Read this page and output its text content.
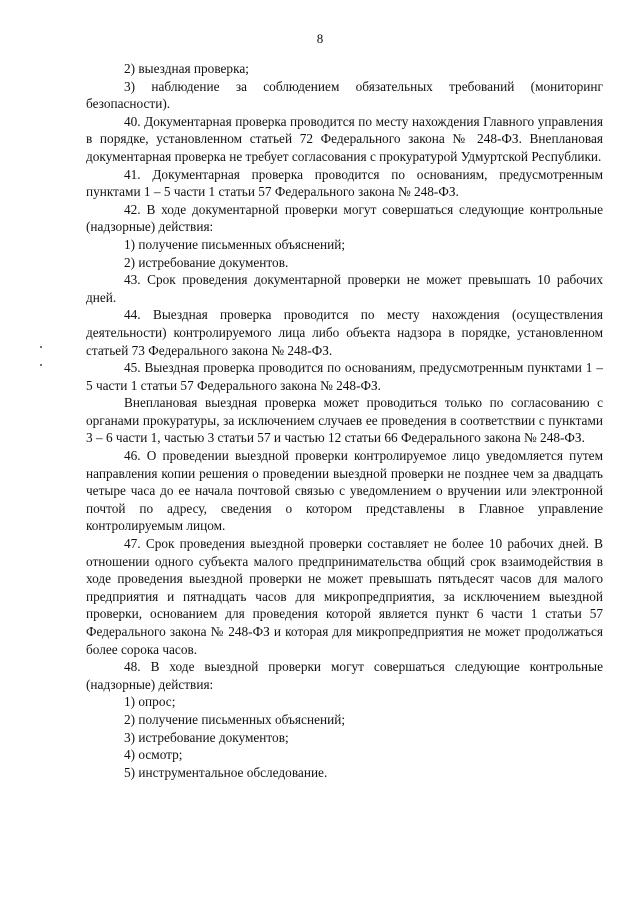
8

2) выездная проверка;

3) наблюдение за соблюдением обязательных требований (мониторинг безопасности).

40. Документарная проверка проводится по месту нахождения Главного управления в порядке, установленном статьей 72 Федерального закона № 248-ФЗ. Внеплановая документарная проверка не требует согласования с прокуратурой Удмуртской Республики.

41. Документарная проверка проводится по основаниям, предусмотренным пунктами 1 – 5 части 1 статьи 57 Федерального закона № 248-ФЗ.

42. В ходе документарной проверки могут совершаться следующие контрольные (надзорные) действия:

1) получение письменных объяснений;

2) истребование документов.

43. Срок проведения документарной проверки не может превышать 10 рабочих дней.

44. Выездная проверка проводится по месту нахождения (осуществления деятельности) контролируемого лица либо объекта надзора в порядке, установленном статьей 73 Федерального закона № 248-ФЗ.

45. Выездная проверка проводится по основаниям, предусмотренным пунктами 1 – 5 части 1 статьи 57 Федерального закона № 248-ФЗ.

Внеплановая выездная проверка может проводиться только по согласованию с органами прокуратуры, за исключением случаев ее проведения в соответствии с пунктами 3 – 6 части 1, частью 3 статьи 57 и частью 12 статьи 66 Федерального закона № 248-ФЗ.

46. О проведении выездной проверки контролируемое лицо уведомляется путем направления копии решения о проведении выездной проверки не позднее чем за двадцать четыре часа до ее начала почтовой связью с уведомлением о вручении или электронной почтой по адресу, сведения о котором представлены в Главное управление контролируемым лицом.

47. Срок проведения выездной проверки составляет не более 10 рабочих дней. В отношении одного субъекта малого предпринимательства общий срок взаимодействия в ходе проведения выездной проверки не может превышать пятьдесят часов для малого предприятия и пятнадцать часов для микропредприятия, за исключением выездной проверки, основанием для проведения которой является пункт 6 части 1 статьи 57 Федерального закона № 248-ФЗ и которая для микропредприятия не может продолжаться более сорока часов.

48. В ходе выездной проверки могут совершаться следующие контрольные (надзорные) действия:

1) опрос;

2) получение письменных объяснений;

3) истребование документов;

4) осмотр;

5) инструментальное обследование.
